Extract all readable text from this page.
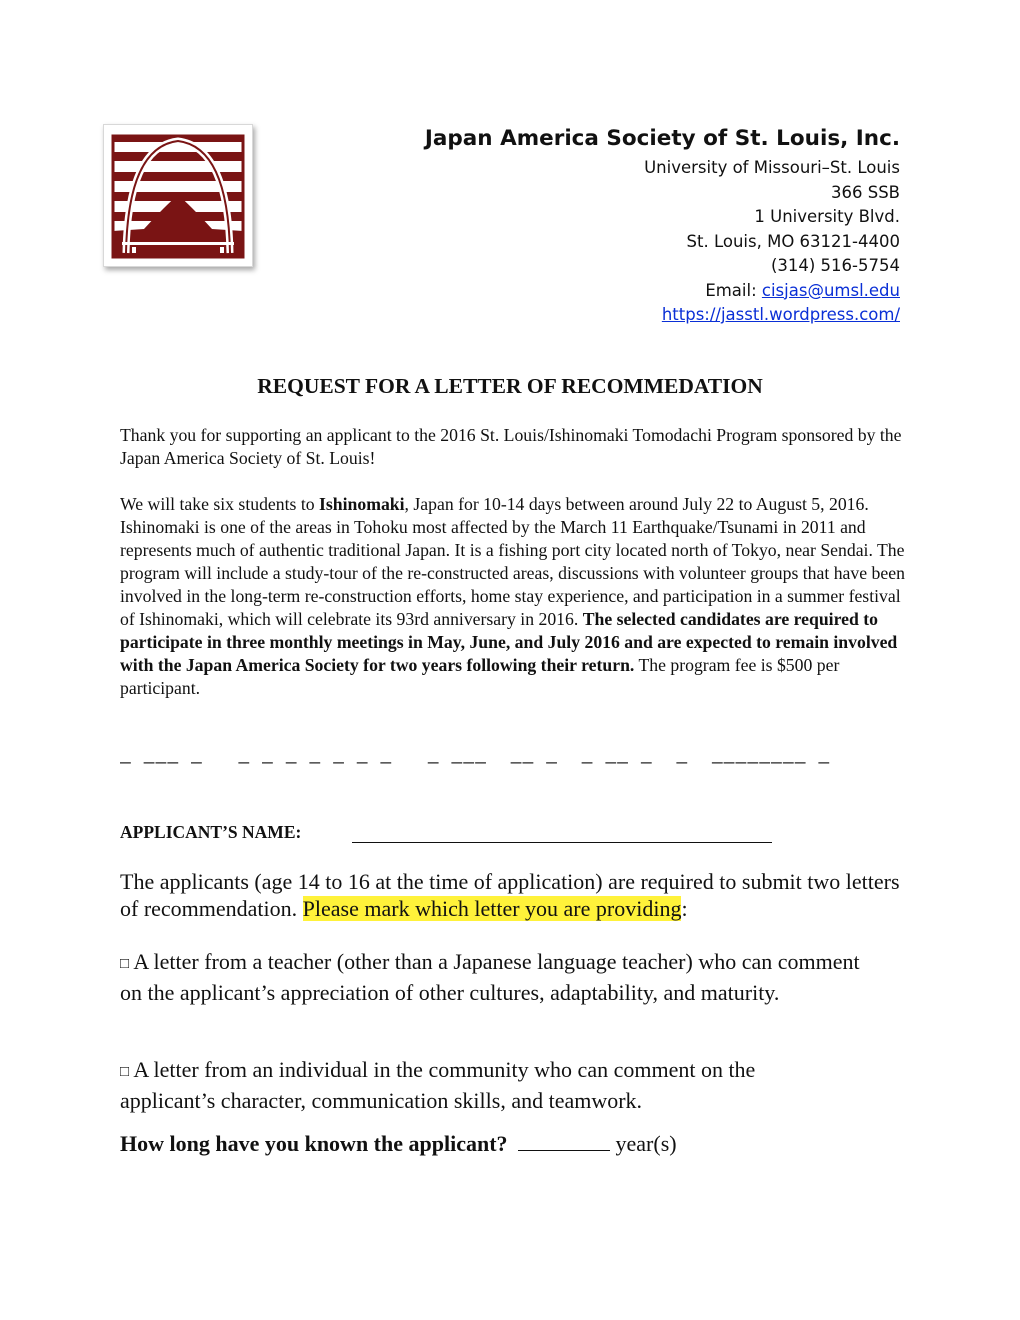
Japan America Society of St. Louis, Inc.
University of Missouri–St. Louis
366 SSB
1 University Blvd.
St. Louis, MO 63121-4400
(314) 516-5754
Email: cisjas@umsl.edu
https://jasstl.wordpress.com/
REQUEST FOR A LETTER OF RECOMMEDATION
Thank you for supporting an applicant to the 2016 St. Louis/Ishinomaki Tomodachi Program sponsored by the Japan America Society of St. Louis!
We will take six students to Ishinomaki, Japan for 10-14 days between around July 22 to August 5, 2016. Ishinomaki is one of the areas in Tohoku most affected by the March 11 Earthquake/Tsunami in 2011 and represents much of authentic traditional Japan. It is a fishing port city located north of Tokyo, near Sendai. The program will include a study-tour of the re-constructed areas, discussions with volunteer groups that have been involved in the long-term re-construction efforts, home stay experience, and participation in a summer festival of Ishinomaki, which will celebrate its 93rd anniversary in 2016. The selected candidates are required to participate in three monthly meetings in May, June, and July 2016 and are expected to remain involved with the Japan America Society for two years following their return. The program fee is $500 per participant.
– –—– –   – – – – – – –   – –––  –– –  – –– –  –  –––—–—–— –
APPLICANT’S NAME:
The applicants (age 14 to 16 at the time of application) are required to submit two letters of recommendation. Please mark which letter you are providing:
□ A letter from a teacher (other than a Japanese language teacher) who can comment on the applicant’s appreciation of other cultures, adaptability, and maturity.
□ A letter from an individual in the community who can comment on the applicant’s character, communication skills, and teamwork.
How long have you known the applicant?	year(s)
